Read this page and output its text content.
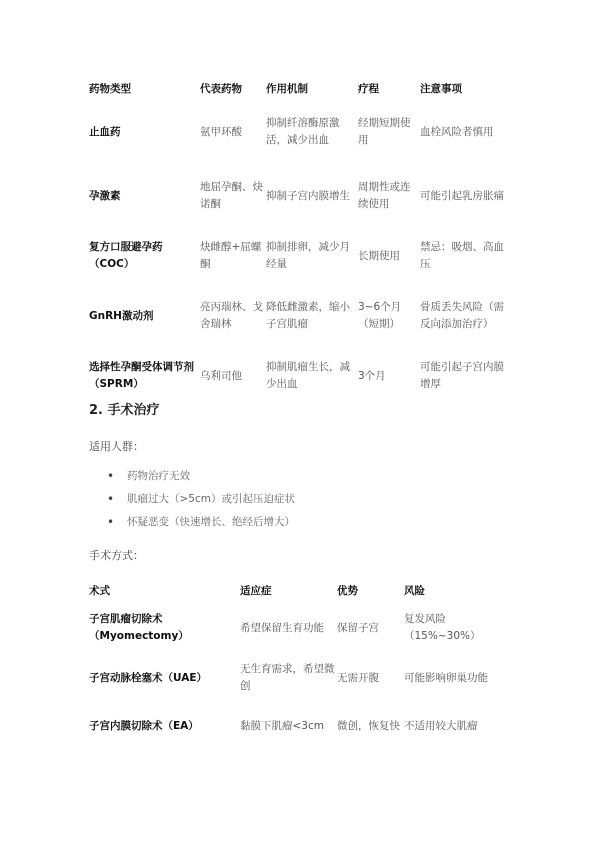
药物类型	代表药物	作用机制	疗程	注意事项
止血药	氨甲环酸	抑制纤溶酶原激活，减少出血	经期短期使用	血栓风险者慎用
孕激素	地屈孕酮、炔诺酮	抑制子宫内膜增生	周期性或连续使用	可能引起乳房胀痛
复方口服避孕药（COC）	炔雌醇+屈螺酮	抑制排卵，减少月经量	长期使用	禁忌：吸烟、高血压
GnRH激动剂	亮丙瑞林、戈舍瑞林	降低雌激素，缩小子宫肌瘤	3~6个月（短期）	骨质丢失风险（需反向添加治疗）
选择性孕酮受体调节剂（SPRM）	乌利司他	抑制肌瘤生长，减少出血	3个月	可能引起子宫内膜增厚
2. 手术治疗
适用人群：
• 药物治疗无效
• 肌瘤过大（>5cm）或引起压迫症状
• 怀疑恶变（快速增长、绝经后增大）
手术方式：
术式	适应症	优势	风险
子宫肌瘤切除术（Myomectomy）	希望保留生育功能	保留子宫	复发风险（15%~30%）
子宫动脉栓塞术（UAE）	无生育需求，希望微创	无需开腹	可能影响卵巢功能
子宫内膜切除术（EA）	黏膜下肌瘤<3cm	微创，恢复快	不适用较大肌瘤
